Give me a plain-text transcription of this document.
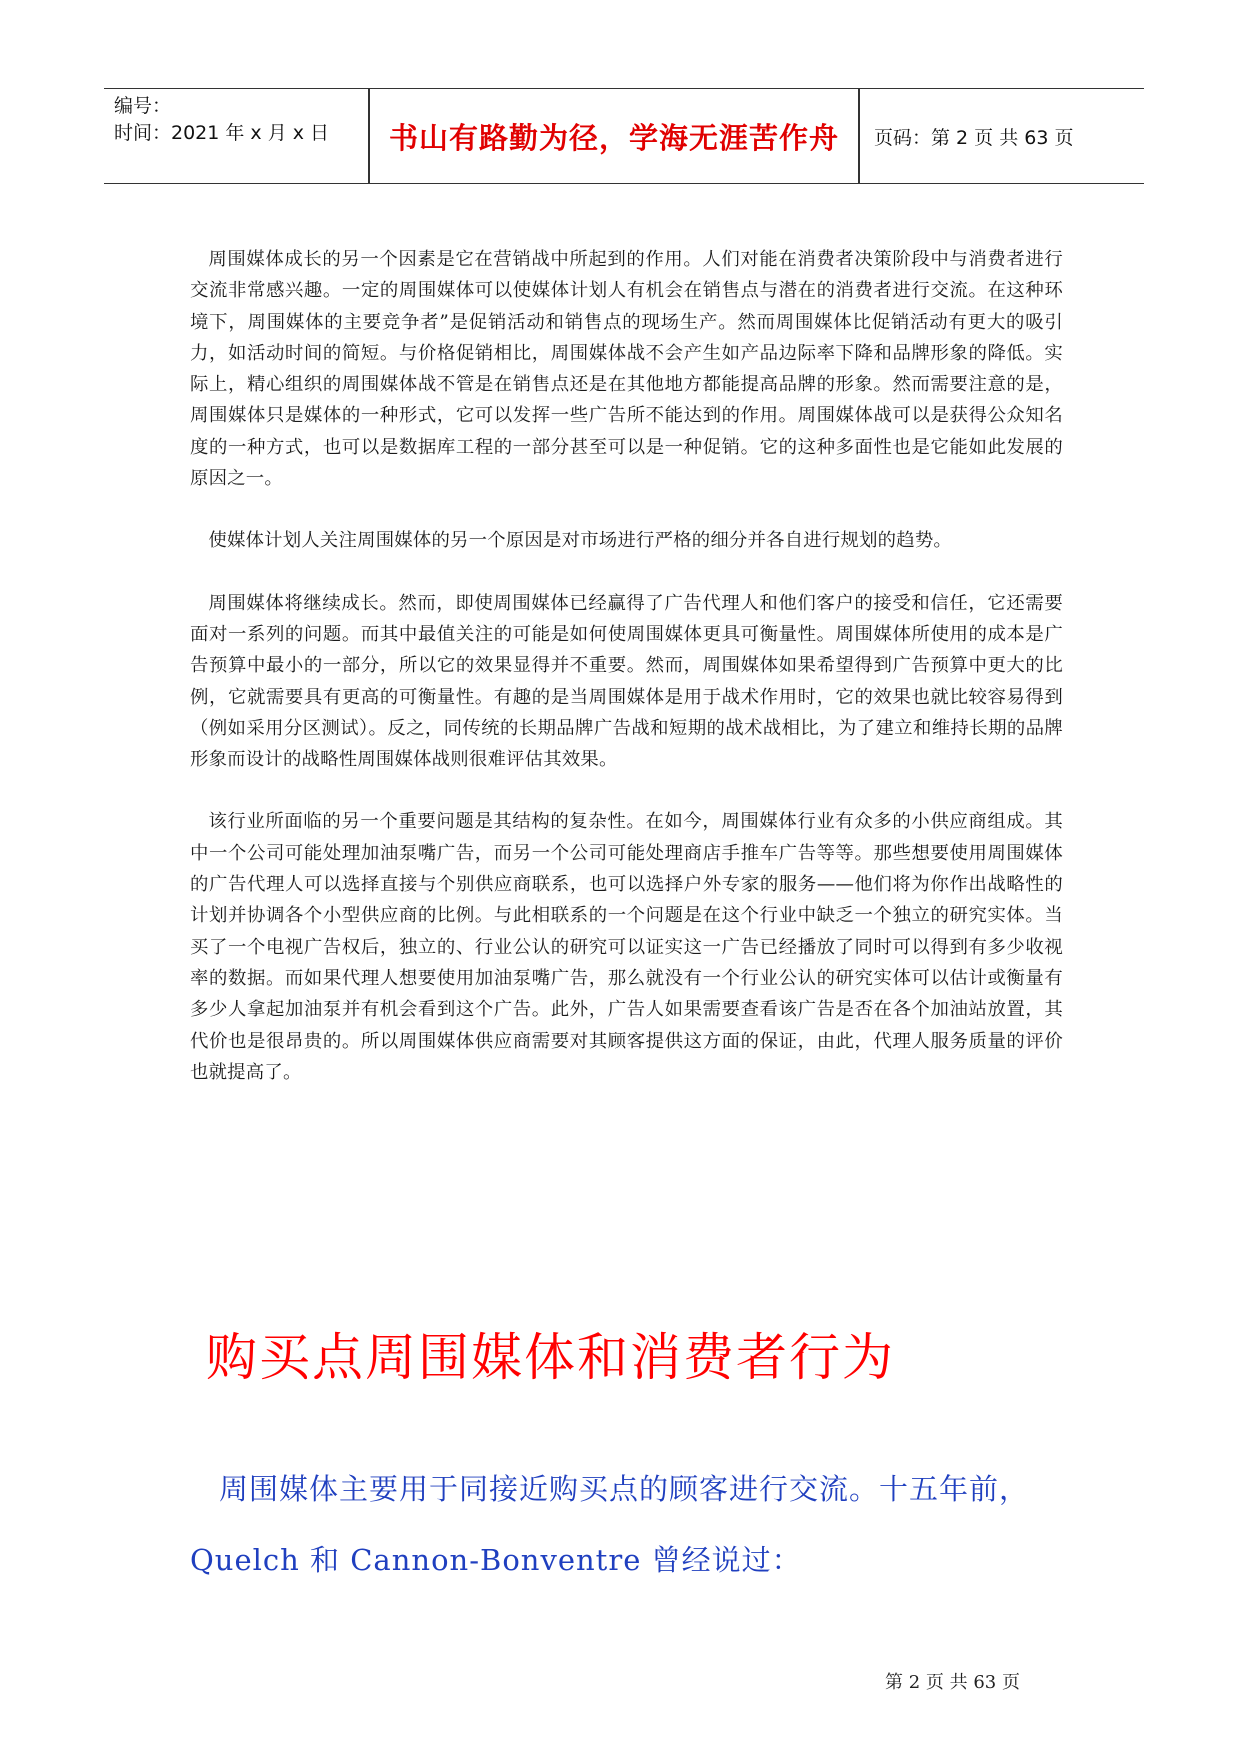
编号：
时间：2021 年 x 月 x 日	书山有路勤为径，学海无涯苦作舟	页码：第 2 页 共 63 页

周围媒体成长的另一个因素是它在营销战中所起到的作用。人们对能在消费者决策阶段中与消费者进行交流非常感兴趣。一定的周围媒体可以使媒体计划人有机会在销售点与潜在的消费者进行交流。在这种环境下，周围媒体的主要竞争者”是促销活动和销售点的现场生产。然而周围媒体比促销活动有更大的吸引力，如活动时间的简短。与价格促销相比，周围媒体战不会产生如产品边际率下降和品牌形象的降低。实际上，精心组织的周围媒体战不管是在销售点还是在其他地方都能提高品牌的形象。然而需要注意的是，周围媒体只是媒体的一种形式，它可以发挥一些广告所不能达到的作用。周围媒体战可以是获得公众知名度的一种方式，也可以是数据库工程的一部分甚至可以是一种促销。它的这种多面性也是它能如此发展的原因之一。

使媒体计划人关注周围媒体的另一个原因是对市场进行严格的细分并各自进行规划的趋势。

周围媒体将继续成长。然而，即使周围媒体已经赢得了广告代理人和他们客户的接受和信任，它还需要面对一系列的问题。而其中最值关注的可能是如何使周围媒体更具可衡量性。周围媒体所使用的成本是广告预算中最小的一部分，所以它的效果显得并不重要。然而，周围媒体如果希望得到广告预算中更大的比例，它就需要具有更高的可衡量性。有趣的是当周围媒体是用于战术作用时，它的效果也就比较容易得到（例如采用分区测试）。反之，同传统的长期品牌广告战和短期的战术战相比，为了建立和维持长期的品牌形象而设计的战略性周围媒体战则很难评估其效果。

该行业所面临的另一个重要问题是其结构的复杂性。在如今，周围媒体行业有众多的小供应商组成。其中一个公司可能处理加油泵嘴广告，而另一个公司可能处理商店手推车广告等等。那些想要使用周围媒体的广告代理人可以选择直接与个别供应商联系，也可以选择户外专家的服务——他们将为你作出战略性的计划并协调各个小型供应商的比例。与此相联系的一个问题是在这个行业中缺乏一个独立的研究实体。当买了一个电视广告权后，独立的、行业公认的研究可以证实这一广告已经播放了同时可以得到有多少收视率的数据。而如果代理人想要使用加油泵嘴广告，那么就没有一个行业公认的研究实体可以估计或衡量有多少人拿起加油泵并有机会看到这个广告。此外，广告人如果需要查看该广告是否在各个加油站放置，其代价也是很昂贵的。所以周围媒体供应商需要对其顾客提供这方面的保证，由此，代理人服务质量的评价也就提高了。

购买点周围媒体和消费者行为

周围媒体主要用于同接近购买点的顾客进行交流。十五年前，Quelch 和 Cannon-Bonventre 曾经说过：

第 2 页 共 63 页
